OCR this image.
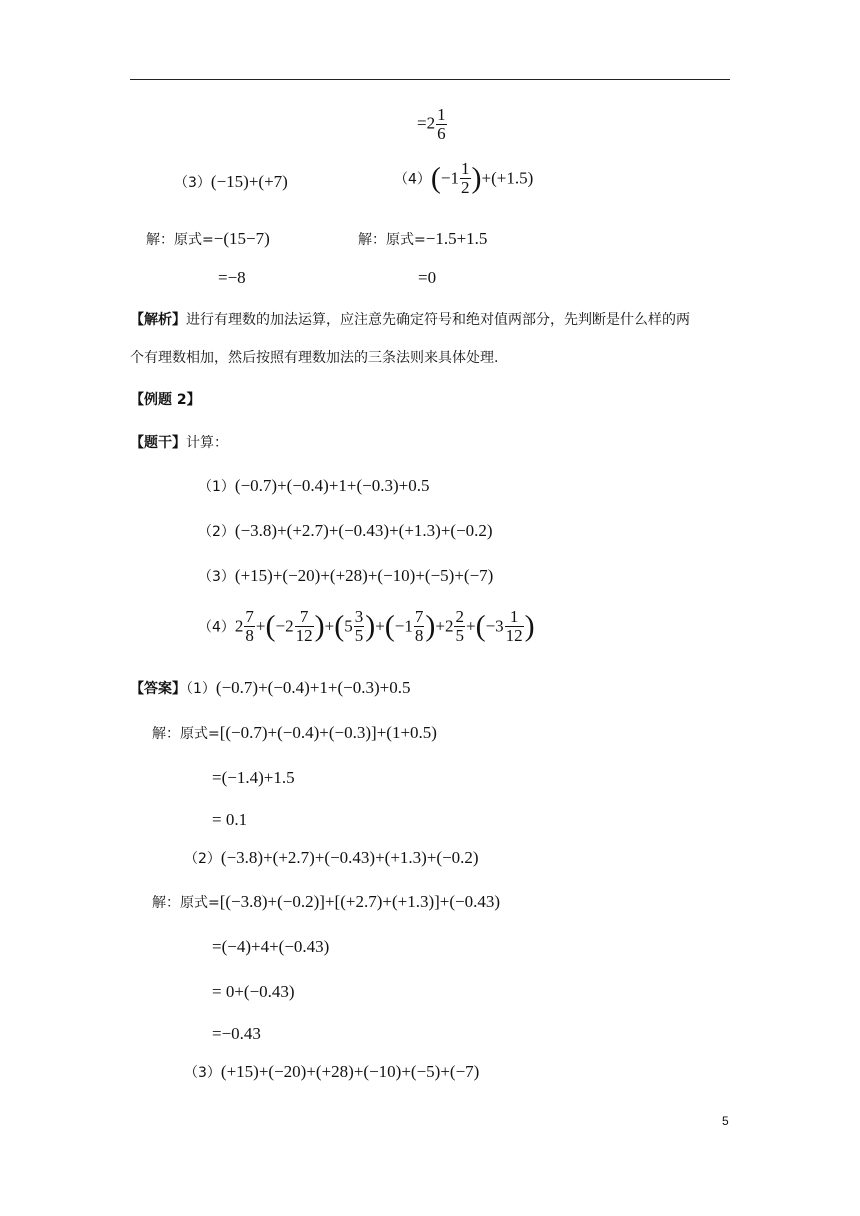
$=2 \frac{1}{6}$
（3）(−15)+(+7)	$(4)(-1 \frac{1}{2} )+(+1.5)$
解：原式=−(15−7)	解：原式=−1.5+1.5
=−8	=0
【解析】进行有理数的加法运算，应注意先确定符号和绝对值两部分，先判断是什么样的两
个有理数相加，然后按照有理数加法的三条法则来具体处理.
【例题 2】
【题干】计算：
（1）(−0.7)+(−0.4)+1+(−0.3)+0.5
（2）(−3.8)+(+2.7)+(−0.43)+(+1.3)+(−0.2)
（3）(+15)+(−20)+(+28)+(−10)+(−5)+(−7)
$(4)2 \frac{7}{8} +(-2 \frac{7}{12} )+(5 \frac{3}{5} )+(-1 \frac{7}{8} )+2 \frac{2}{5} +(-3 \frac{1}{12}$ )
【答案】（1）(−0.7)+(−0.4)+1+(−0.3)+0.5
解：原式=[(−0.7)+(−0.4)+(−0.3)]+(1+0.5)
=(−1.4)+1.5
= 0.1
（2）(−3.8)+(+2.7)+(−0.43)+(+1.3)+(−0.2)
解：原式=[(−3.8)+(−0.2)]+[(+2.7)+(+1.3)]+(−0.43)
=(−4)+4+(−0.43)
= 0+(−0.43)
=−0.43
（3）(+15)+(−20)+(+28)+(−10)+(−5)+(−7)
5
